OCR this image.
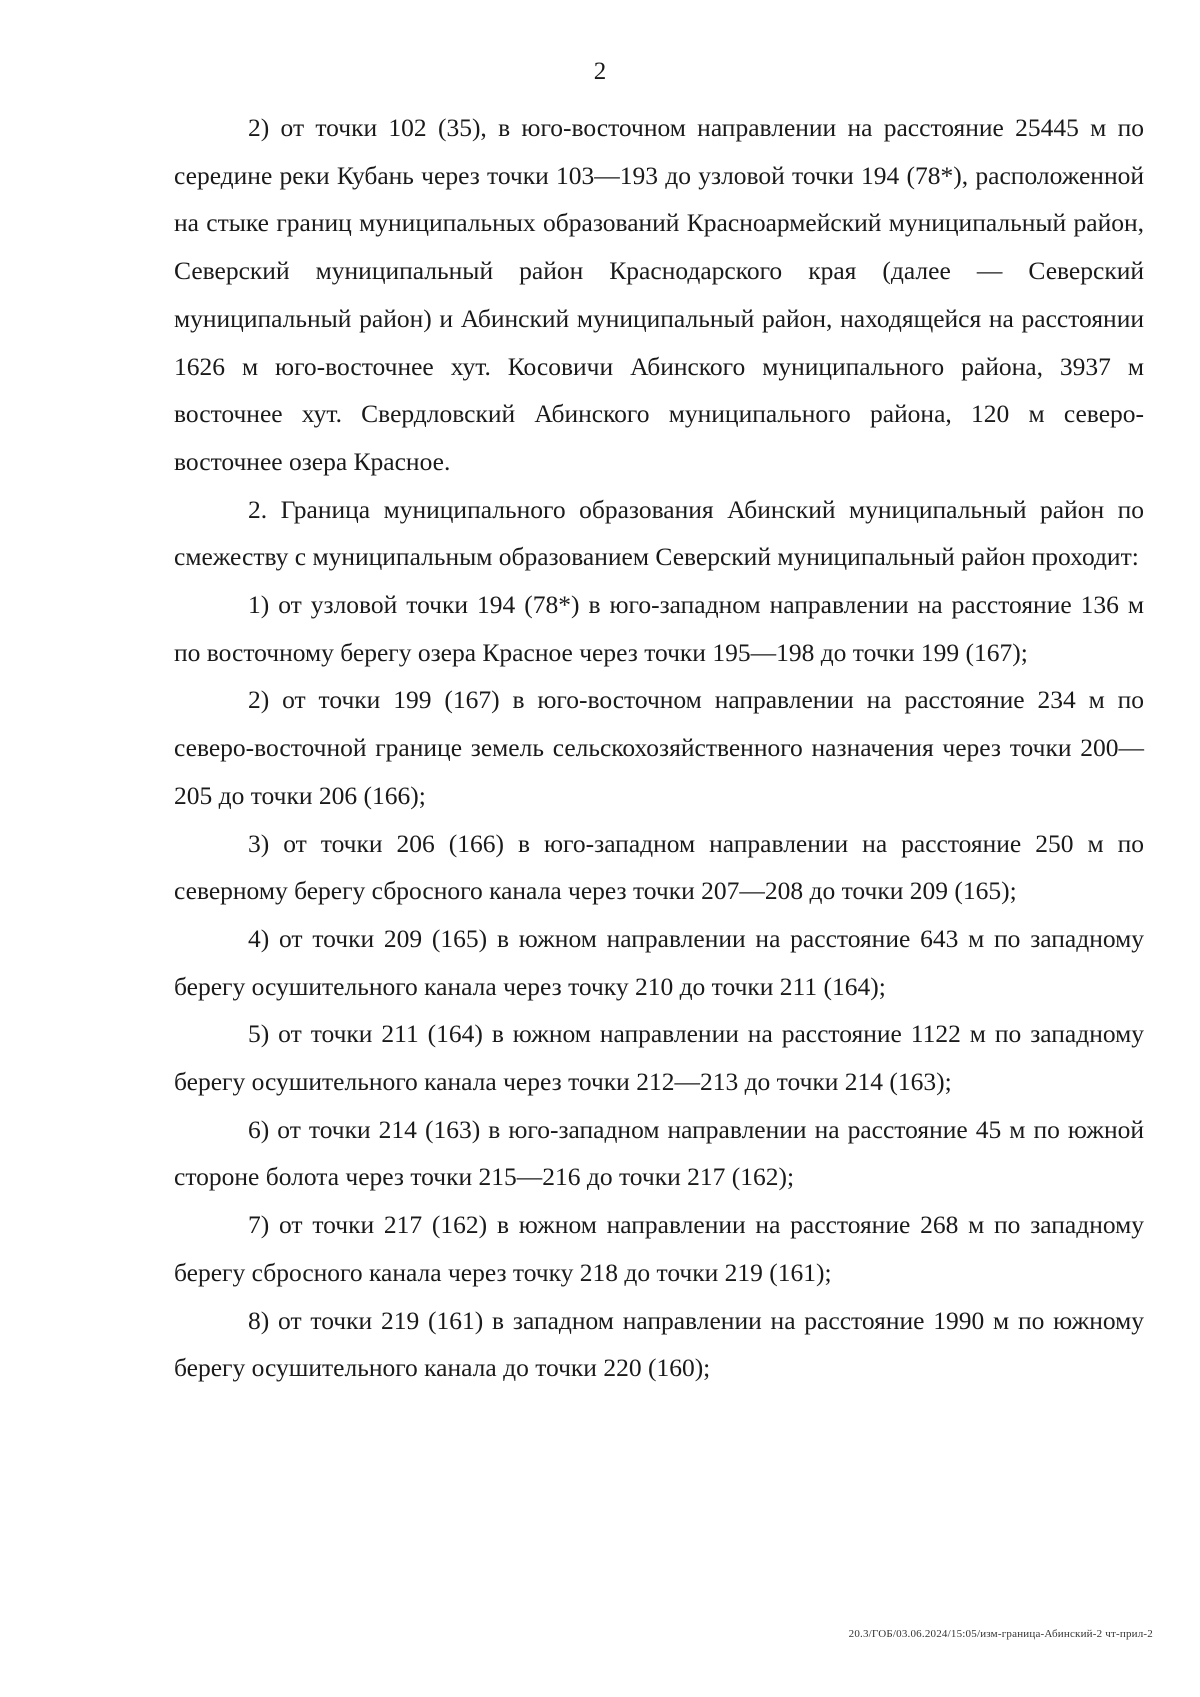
2

2) от точки 102 (35), в юго-восточном направлении на расстояние 25445 м по середине реки Кубань через точки 103—193 до узловой точки 194 (78*), расположенной на стыке границ муниципальных образований Красноармейский муниципальный район, Северский муниципальный район Краснодарского края (далее — Северский муниципальный район) и Абинский муниципальный район, находящейся на расстоянии 1626 м юго-восточнее хут. Косовичи Абинского муниципального района, 3937 м восточнее хут. Свердловский Абинского муниципального района, 120 м северо-восточнее озера Красное.

2. Граница муниципального образования Абинский муниципальный район по смежеству с муниципальным образованием Северский муниципальный район проходит:

1) от узловой точки 194 (78*) в юго-западном направлении на расстояние 136 м по восточному берегу озера Красное через точки 195—198 до точки 199 (167);

2) от точки 199 (167) в юго-восточном направлении на расстояние 234 м по северо-восточной границе земель сельскохозяйственного назначения через точки 200—205 до точки 206 (166);

3) от точки 206 (166) в юго-западном направлении на расстояние 250 м по северному берегу сбросного канала через точки 207—208 до точки 209 (165);

4) от точки 209 (165) в южном направлении на расстояние 643 м по западному берегу осушительного канала через точку 210 до точки 211 (164);

5) от точки 211 (164) в южном направлении на расстояние 1122 м по западному берегу осушительного канала через точки 212—213 до точки 214 (163);

6) от точки 214 (163) в юго-западном направлении на расстояние 45 м по южной стороне болота через точки 215—216 до точки 217 (162);

7) от точки 217 (162) в южном направлении на расстояние 268 м по западному берегу сбросного канала через точку 218 до точки 219 (161);

8) от точки 219 (161) в западном направлении на расстояние 1990 м по южному берегу осушительного канала до точки 220 (160);

20.3/ГОБ/03.06.2024/15:05/изм-граница-Абинский-2 чт-прил-2
